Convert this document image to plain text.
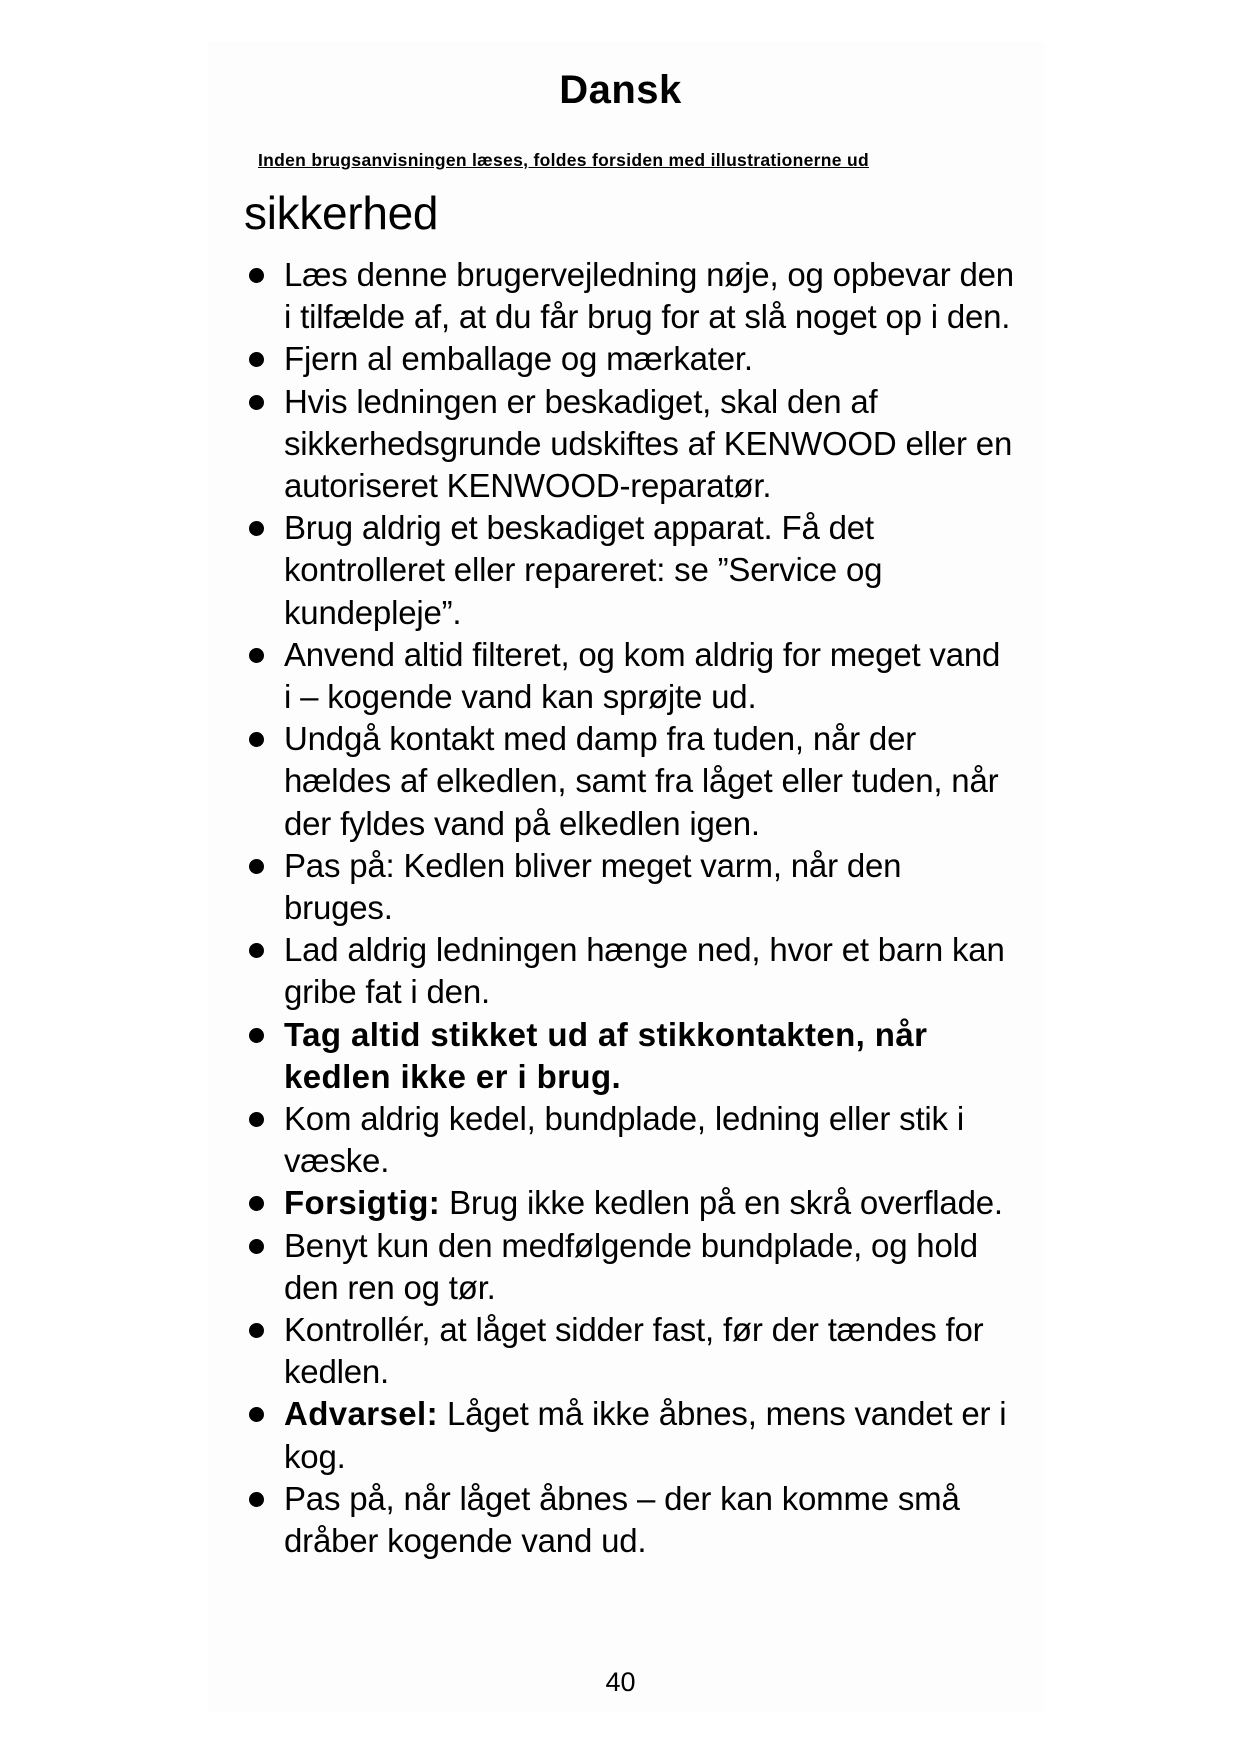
Dansk
Inden brugsanvisningen læses, foldes forsiden med illustrationerne ud
sikkerhed
Læs denne brugervejledning nøje, og opbevar den i tilfælde af, at du får brug for at slå noget op i den.
Fjern al emballage og mærkater.
Hvis ledningen er beskadiget, skal den af sikkerhedsgrunde udskiftes af KENWOOD eller en autoriseret KENWOOD-reparatør.
Brug aldrig et beskadiget apparat. Få det kontrolleret eller repareret: se ”Service og kundepleje”.
Anvend altid filteret, og kom aldrig for meget vand i – kogende vand kan sprøjte ud.
Undgå kontakt med damp fra tuden, når der hældes af elkedlen, samt fra låget eller tuden, når der fyldes vand på elkedlen igen.
Pas på: Kedlen bliver meget varm, når den bruges.
Lad aldrig ledningen hænge ned, hvor et barn kan gribe fat i den.
Tag altid stikket ud af stikkontakten, når kedlen ikke er i brug.
Kom aldrig kedel, bundplade, ledning eller stik i væske.
Forsigtig: Brug ikke kedlen på en skrå overflade.
Benyt kun den medfølgende bundplade, og hold den ren og tør.
Kontrollér, at låget sidder fast, før der tændes for kedlen.
Advarsel: Låget må ikke åbnes, mens vandet er i kog.
Pas på, når låget åbnes – der kan komme små dråber kogende vand ud.
40
